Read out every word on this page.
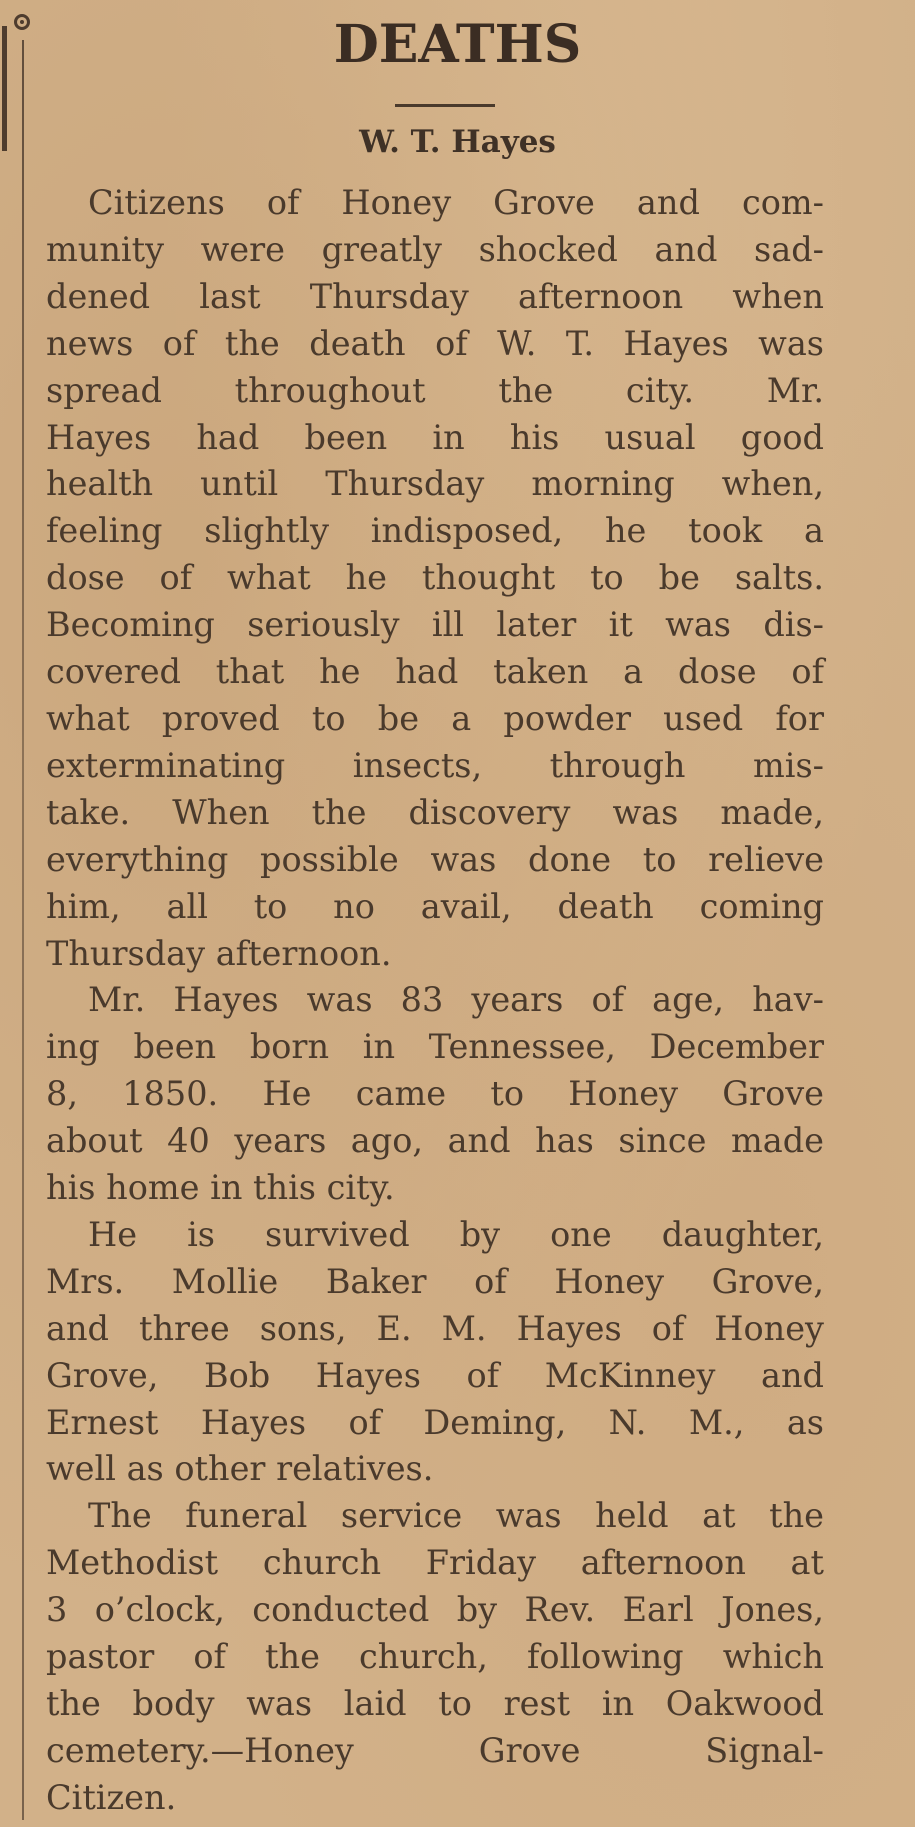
DEATHS
W. T. Hayes

Citizens of Honey Grove and com-
munity were greatly shocked and sad-
dened last Thursday afternoon when
news of the death of W. T. Hayes was
spread throughout the city. Mr.
Hayes had been in his usual good
health until Thursday morning when,
feeling slightly indisposed, he took a
dose of what he thought to be salts.
Becoming seriously ill later it was dis-
covered that he had taken a dose of
what proved to be a powder used for
exterminating insects, through mis-
take. When the discovery was made,
everything possible was done to relieve
him, all to no avail, death coming
Thursday afternoon.

Mr. Hayes was 83 years of age, hav-
ing been born in Tennessee, December
8, 1850. He came to Honey Grove
about 40 years ago, and has since made
his home in this city.

He is survived by one daughter,
Mrs. Mollie Baker of Honey Grove,
and three sons, E. M. Hayes of Honey
Grove, Bob Hayes of McKinney and
Ernest Hayes of Deming, N. M., as
well as other relatives.

The funeral service was held at the
Methodist church Friday afternoon at
3 o’clock, conducted by Rev. Earl Jones,
pastor of the church, following which
the body was laid to rest in Oakwood
cemetery.—Honey Grove Signal-
Citizen.
